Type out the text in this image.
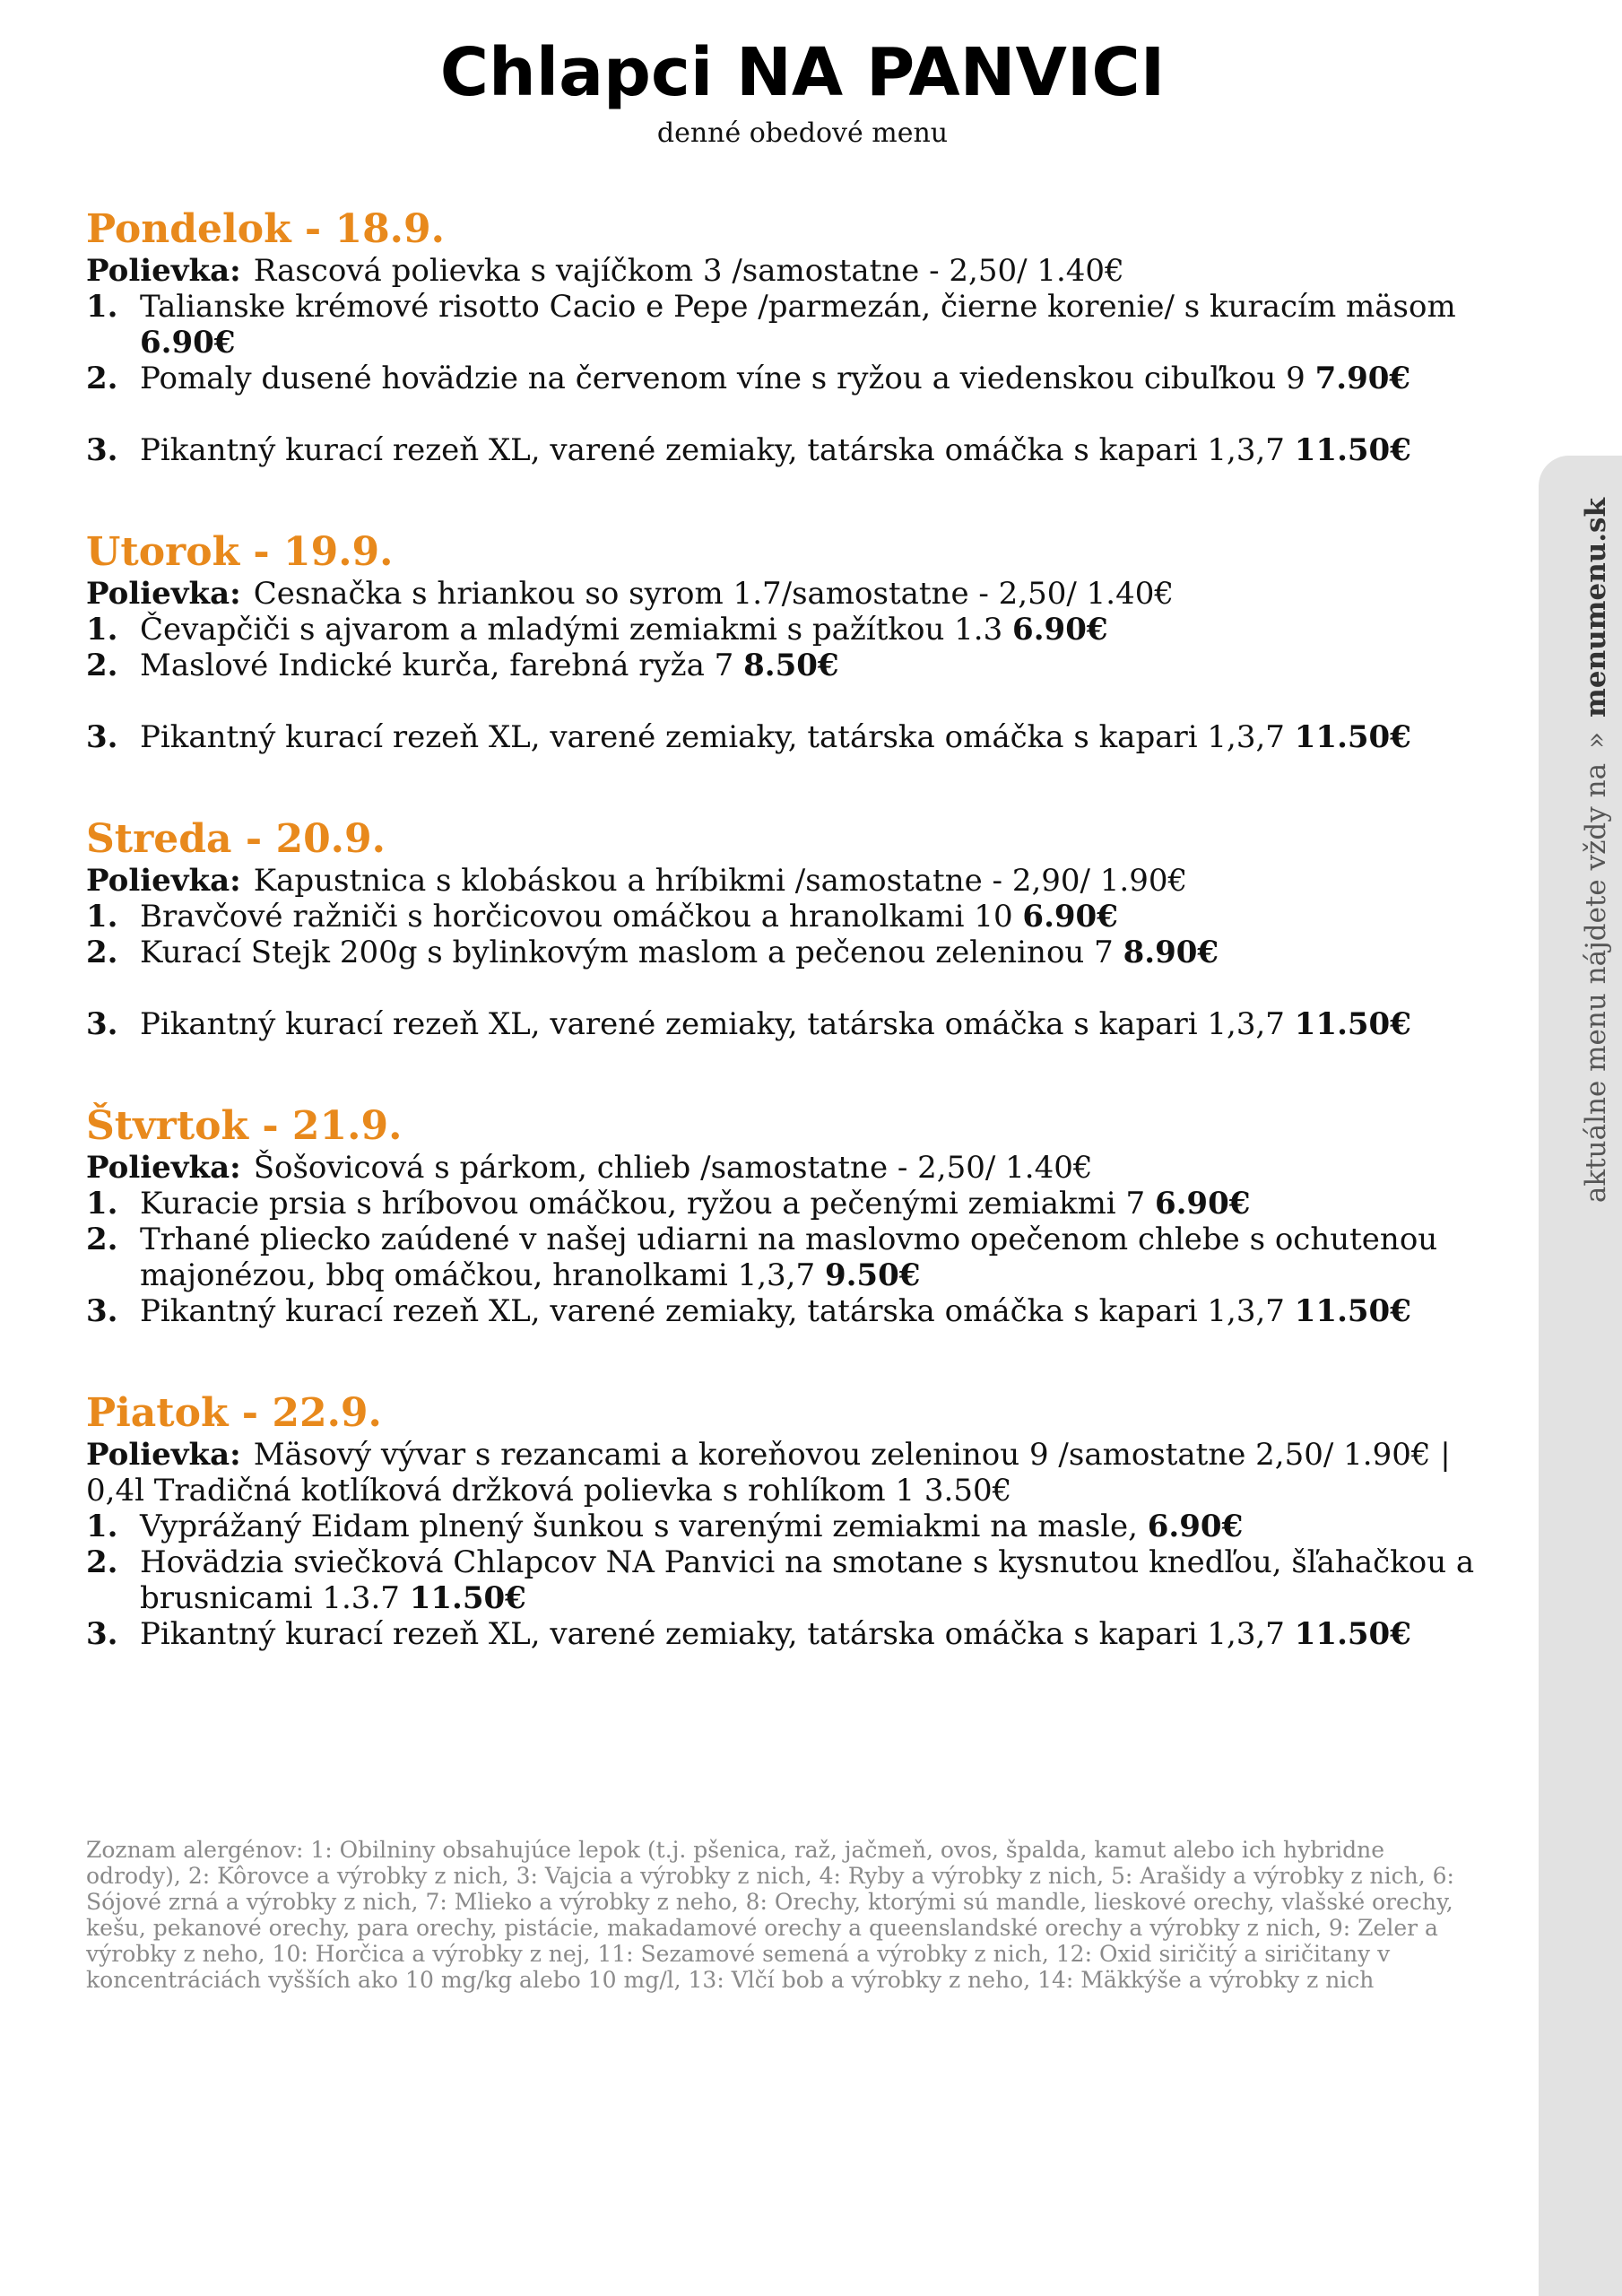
Chlapci NA PANVICI

denné obedové menu

Pondelok - 18.9.

Polievka: Rascová polievka s vajíčkom 3 /samostatne - 2,50/ 1.40€

1. Talianske krémové risotto Cacio e Pepe /parmezán, čierne korenie/ s kuracím mäsom 6.90€
2. Pomaly dusené hovädzie na červenom víne s ryžou a viedenskou cibuľkou 9 7.90€
3. Pikantný kurací rezeň XL, varené zemiaky, tatárska omáčka s kapari 1,3,7 11.50€
Utorok - 19.9.

Polievka: Cesnačka s hriankou so syrom 1.7/samostatne - 2,50/ 1.40€

1. Čevapčiči s ajvarom a mladými zemiakmi s pažítkou 1.3 6.90€
2. Maslové Indické kurča, farebná ryža 7 8.50€
3. Pikantný kurací rezeň XL, varené zemiaky, tatárska omáčka s kapari 1,3,7 11.50€
Streda - 20.9.

Polievka: Kapustnica s klobáskou a hríbikmi /samostatne - 2,90/ 1.90€

1. Bravčové ražniči s horčicovou omáčkou a hranolkami 10 6.90€
2. Kurací Stejk 200g s bylinkovým maslom a pečenou zeleninou 7 8.90€
3. Pikantný kurací rezeň XL, varené zemiaky, tatárska omáčka s kapari 1,3,7 11.50€
Štvrtok - 21.9.

Polievka: Šošovicová s párkom, chlieb /samostatne - 2,50/ 1.40€

1. Kuracie prsia s hríbovou omáčkou, ryžou a pečenými zemiakmi 7 6.90€
2. Trhané pliecko zaúdené v našej udiarni na maslovmo opečenom chlebe s ochutenou majonézou, bbq omáčkou, hranolkami 1,3,7 9.50€
3. Pikantný kurací rezeň XL, varené zemiaky, tatárska omáčka s kapari 1,3,7 11.50€
Piatok - 22.9.

Polievka: Mäsový vývar s rezancami a koreňovou zeleninou 9 /samostatne 2,50/ 1.90€ | 0,4l Tradičná kotlíková držková polievka s rohlíkom 1 3.50€

1. Vyprážaný Eidam plnený šunkou s varenými zemiakmi na masle, 6.90€
2. Hovädzia sviečková Chlapcov NA Panvici na smotane s kysnutou knedľou, šľahačkou a brusnicami 1.3.7 11.50€
3. Pikantný kurací rezeň XL, varené zemiaky, tatárska omáčka s kapari 1,3,7 11.50€

Zoznam alergénov: 1: Obilniny obsahujúce lepok (t.j. pšenica, raž, jačmeň, ovos, špalda, kamut alebo ich hybridne odrody), 2: Kôrovce a výrobky z nich, 3: Vajcia a výrobky z nich, 4: Ryby a výrobky z nich, 5: Arašidy a výrobky z nich, 6: Sójové zrná a výrobky z nich, 7: Mlieko a výrobky z neho, 8: Orechy, ktorými sú mandle, lieskové orechy, vlašské orechy, kešu, pekanové orechy, para orechy, pistácie, makadamové orechy a queenslandské orechy a výrobky z nich, 9: Zeler a výrobky z neho, 10: Horčica a výrobky z nej, 11: Sezamové semená a výrobky z nich, 12: Oxid siričitý a siričitany v koncentráciách vyšších ako 10 mg/kg alebo 10 mg/l, 13: Vlčí bob a výrobky z neho, 14: Mäkkýše a výrobky z nich

aktuálne menu nájdete vždy na
»
menumenu.sk
